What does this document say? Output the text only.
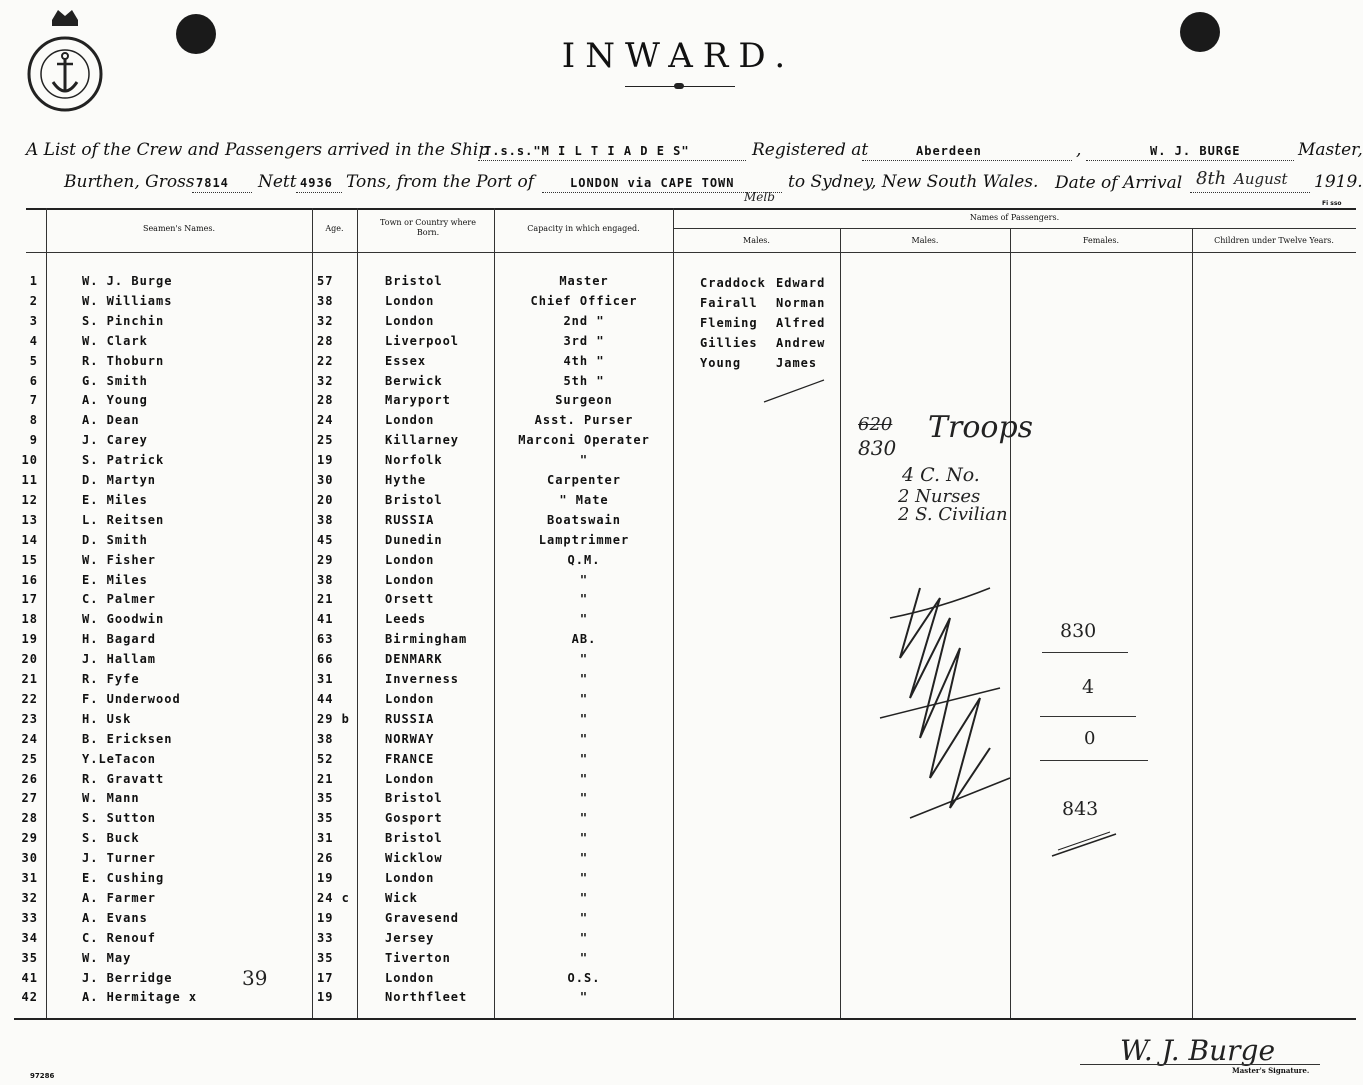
INWARD.
A List of the Crew and Passengers arrived in the Ship
T.s.s."M I L T I A D E S"	Registered at	Aberdeen	,	W. J. BURGE	Master,
Burthen, Gross 7814 Nett 4936 Tons, from the Port of	LONDON via CAPE TOWN
Melb
to Sydney, New South Wales. Date of Arrival 8th August 1919.
Fi sso
Seamen's Names.	Age.
Town or Country where Born.	Capacity in which engaged.
Names of Passengers.
Males.	Males.	Females.	Children under Twelve Years.
1	W. J. Burge	57	Bristol	Master
2	W. Williams	38	London	Chief Officer
3	S. Pinchin	32	London	2nd "
4	W. Clark	28	Liverpool	3rd "
5	R. Thoburn	22	Essex	4th "
6	G. Smith	32	Berwick	5th "
7	A. Young	28	Maryport	Surgeon
8	A. Dean	24	London	Asst. Purser
9	J. Carey	25	Killarney	Marconi Operater
10	S. Patrick	19	Norfolk	"
11	D. Martyn	30	Hythe	Carpenter
12	E. Miles	20	Bristol	" Mate
13	L. Reitsen	38	RUSSIA	Boatswain
14	D. Smith	45	Dunedin	Lamptrimmer
15	W. Fisher	29	London	Q.M.
16	E. Miles	38	London	"
17	C. Palmer	21	Orsett	"
18	W. Goodwin	41	Leeds	"
19	H. Bagard	63	Birmingham	AB.
20	J. Hallam	66	DENMARK	"
21	R. Fyfe	31	Inverness	"
22	F. Underwood	44	London	"
23	H. Usk	29 b	RUSSIA	"
24	B. Ericksen	38	NORWAY	"
25	Y.LeTacon	52	FRANCE	"
26	R. Gravatt	21	London	"
27	W. Mann	35	Bristol	"
28	S. Sutton	35	Gosport	"
29	S. Buck	31	Bristol	"
30	J. Turner	26	Wicklow	"
31	E. Cushing	19	London	"
32	A. Farmer	24 c	Wick	"
33	A. Evans	19	Gravesend	"
34	C. Renouf	33	Jersey	"
35	W. May	35	Tiverton	"
41	J. Berridge	17	London	O.S.
42	A. Hermitage x	19	Northfleet	"
Craddock Edward
Fairall Norman
Fleming Alfred
Gillies Andrew
Young	James
620
830
Troops
4 C. No.
2 Nurses
2 S. Civilian
830
4
0
843
39
W. J. Burge
Master's Signature.
97286
